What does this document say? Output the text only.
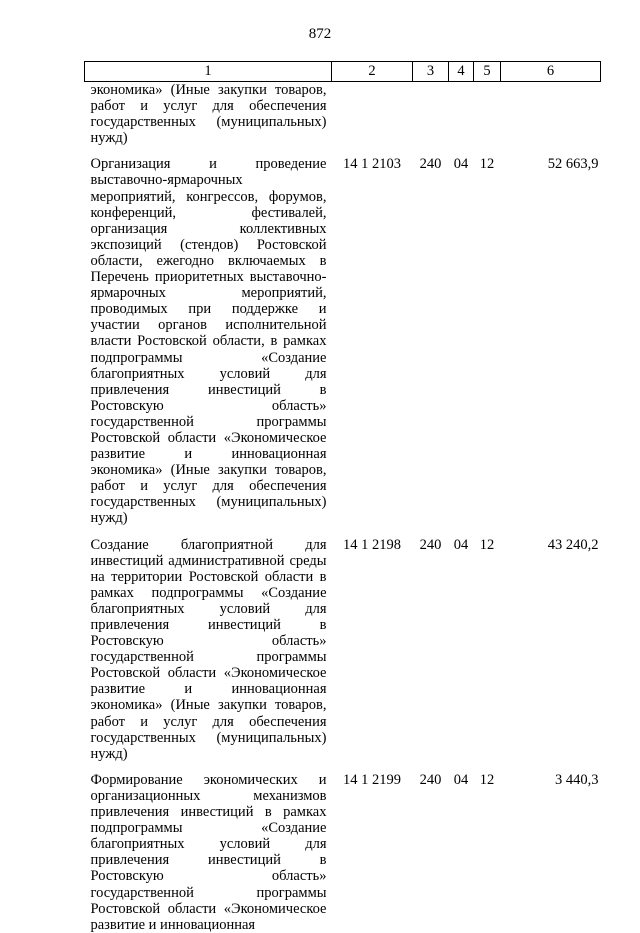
872
1	2	3	4	5	6
экономика» (Иные закупки товаров, работ и услуг для обеспечения государственных (муниципальных) нужд)					

Организация и проведение выставочно-ярмарочных мероприятий, конгрессов, форумов, конференций, фестивалей, организация коллективных экспозиций (стендов) Ростовской области, ежегодно включаемых в Перечень приоритетных выставочно-ярмарочных мероприятий, проводимых при поддержке и участии органов исполнительной власти Ростовской области, в рамках подпрограммы «Создание благоприятных условий для привлечения инвестиций в Ростовскую область» государственной программы Ростовской области «Экономическое развитие и инновационная экономика» (Иные закупки товаров, работ и услуг для обеспечения государственных (муниципальных) нужд)	14 1 2103	240	04	12	52 663,9

Создание благоприятной для инвестиций административной среды на территории Ростовской области в рамках подпрограммы «Создание благоприятных условий для привлечения инвестиций в Ростовскую область» государственной программы Ростовской области «Экономическое развитие и инновационная экономика» (Иные закупки товаров, работ и услуг для обеспечения государственных (муниципальных) нужд)	14 1 2198	240	04	12	43 240,2

Формирование экономических и организационных механизмов привлечения инвестиций в рамках подпрограммы «Создание благоприятных условий для привлечения инвестиций в Ростовскую область» государственной программы Ростовской области «Экономическое развитие и инновационная	14 1 2199	240	04	12	3 440,3
